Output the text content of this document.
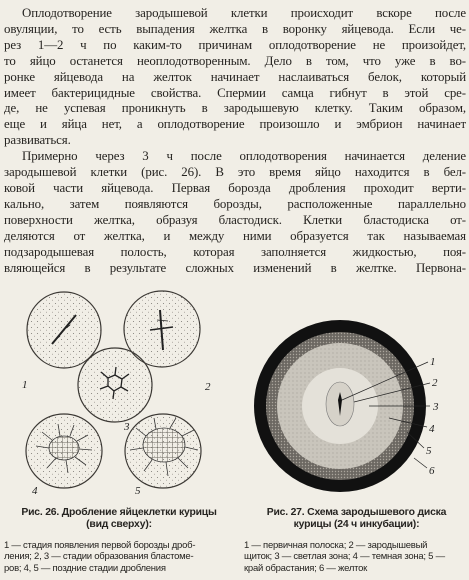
Оплодотворение зародышевой клетки происходит вскоре после
овуляции, то есть выпадения желтка в воронку яйцевода. Если че-
рез 1—2 ч по каким-то причинам оплодотворение не произойдет,
то яйцо останется неоплодотворенным. Дело в том, что уже в во-
ронке яйцевода на желток начинает наслаиваться белок, который
имеет бактерицидные свойства. Спермии самца гибнут в этой сре-
де, не успевая проникнуть в зародышевую клетку. Таким образом,
еще и яйца нет, а оплодотворение произошло и эмбрион начинает
развиваться.

Примерно через 3 ч после оплодотворения начинается деление
зародышевой клетки (рис. 26). В это время яйцо находится в бел-
ковой части яйцевода. Первая борозда дробления проходит верти-
кально, затем появляются борозды, расположенные параллельно
поверхности желтка, образуя бластодиск. Клетки бластодиска от-
деляются от желтка, и между ними образуется так называемая
подзародышевая полость, которая заполняется жидкостью, поя-
вляющейся в результате сложных изменений в желтке. Первона-

1	2
3
4	5
1
2
3
4
5
6
Рис. 26. Дробление яйцеклетки курицы
(вид сверху):
Рис. 27. Схема зародышевого диска
курицы (24 ч инкубации):
1 — стадия появления первой борозды дроб-
ления; 2, 3 — стадии образования бластоме-
ров; 4, 5 — поздние стадии дробления
1 — первичная полоска; 2 — зародышевый
щиток; 3 — светлая зона; 4 — темная зона; 5 —
край обрастания; 6 — желток
